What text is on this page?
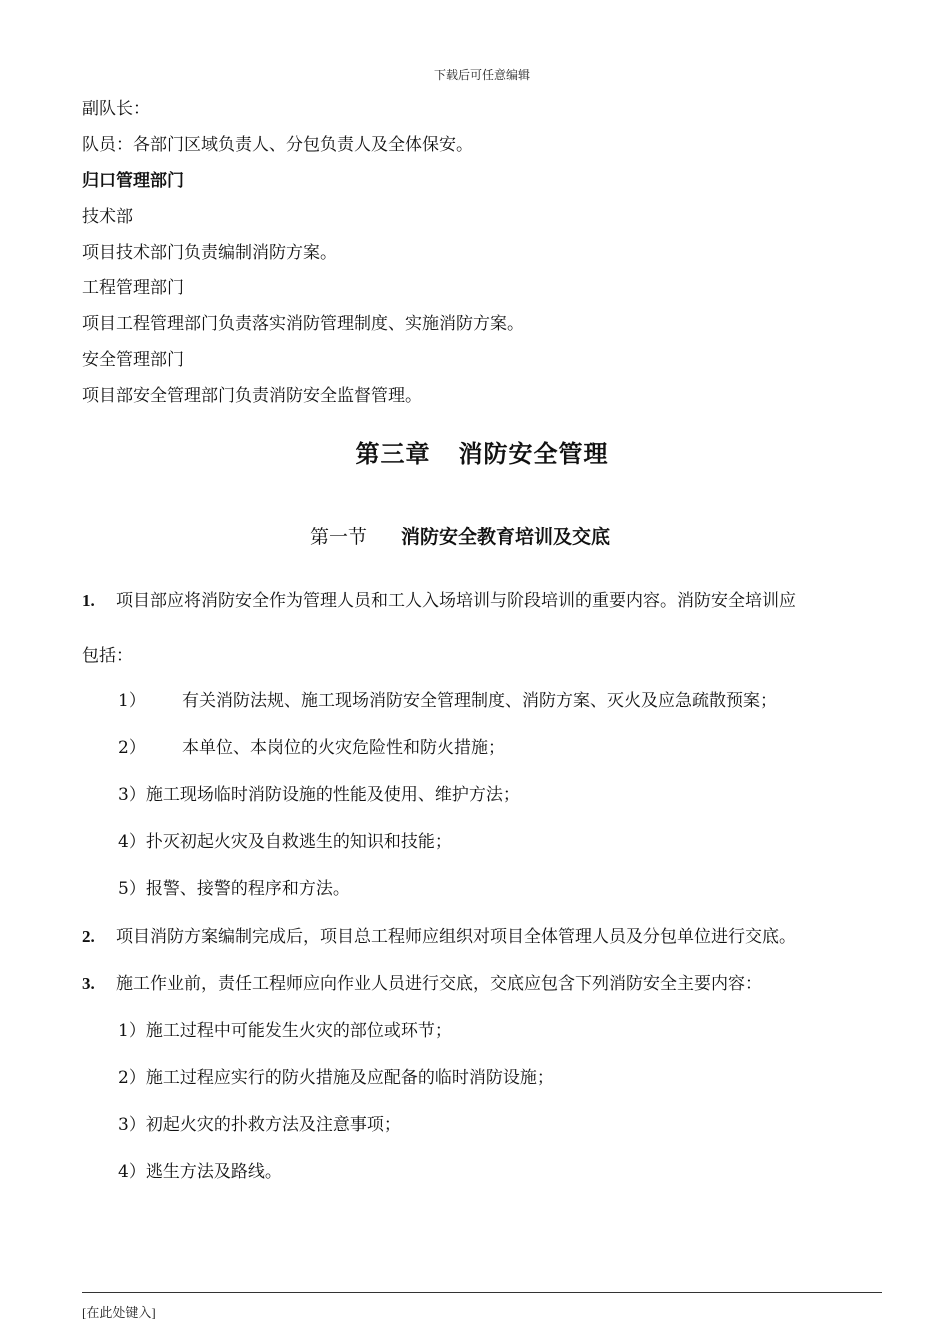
下载后可任意编辑
副队长：
队员：各部门区域负责人、分包负责人及全体保安。
归口管理部门
技术部
项目技术部门负责编制消防方案。
工程管理部门
项目工程管理部门负责落实消防管理制度、实施消防方案。
安全管理部门
项目部安全管理部门负责消防安全监督管理。
第三章 消防安全管理
第一节 消防安全教育培训及交底
1. 项目部应将消防安全作为管理人员和工人入场培训与阶段培训的重要内容。消防安全培训应
包括：
1） 有关消防法规、施工现场消防安全管理制度、消防方案、灭火及应急疏散预案；
2） 本单位、本岗位的火灾危险性和防火措施；
3）施工现场临时消防设施的性能及使用、维护方法；
4）扑灭初起火灾及自救逃生的知识和技能；
5）报警、接警的程序和方法。
2. 项目消防方案编制完成后，项目总工程师应组织对项目全体管理人员及分包单位进行交底。
3. 施工作业前，责任工程师应向作业人员进行交底，交底应包含下列消防安全主要内容：
1）施工过程中可能发生火灾的部位或环节；
2）施工过程应实行的防火措施及应配备的临时消防设施；
3）初起火灾的扑救方法及注意事项；
4）逃生方法及路线。
[在此处键入]
